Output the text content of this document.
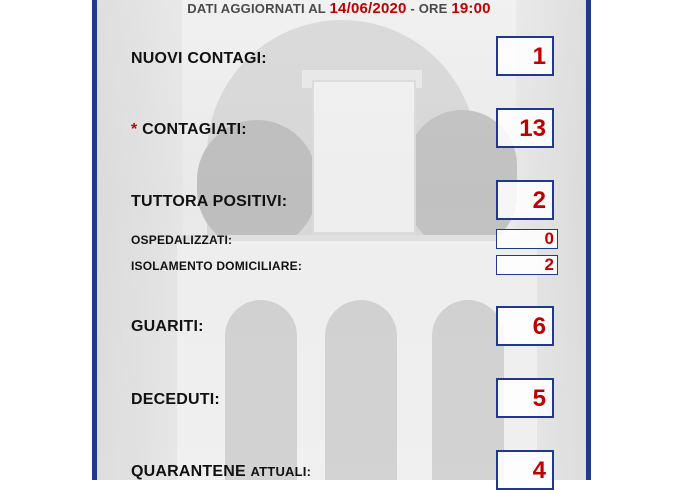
DATI AGGIORNATI AL 14/06/2020 - ORE 19:00
NUOVI CONTAGI:	1
* CONTAGIATI:	13
TUTTORA POSITIVI:	2
OSPEDALIZZATI:	0
ISOLAMENTO DOMICILIARE:	2
GUARITI:	6
DECEDUTI:	5
QUARANTENE ATTUALI:	4
